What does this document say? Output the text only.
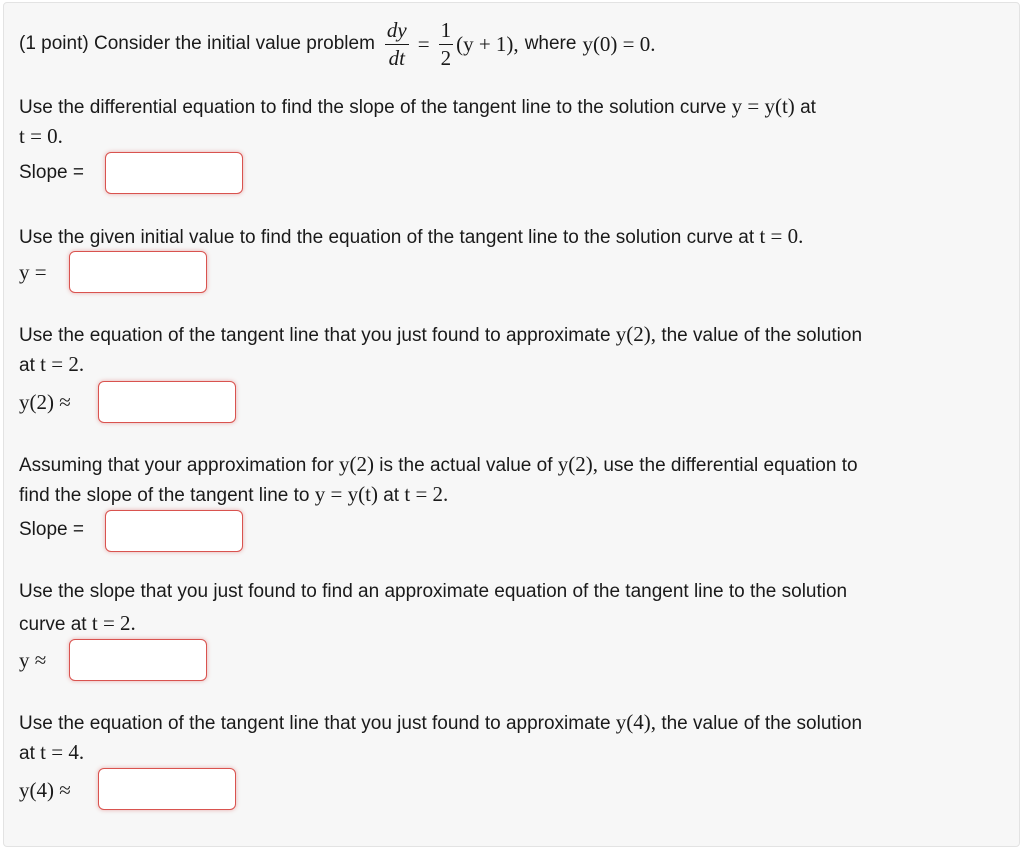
(1 point) Consider the initial value problem $\frac{dy}{dt} = \frac{1}{2} (y + 1)$, where y(0) = 0.
Use the differential equation to find the slope of the tangent line to the solution curve y = y(t) at
t = 0.
Slope =
Use the given initial value to find the equation of the tangent line to the solution curve at t = 0.
y =
Use the equation of the tangent line that you just found to approximate y(2), the value of the solution
at t = 2.
y(2) ≈
Assuming that your approximation for y(2) is the actual value of y(2), use the differential equation to
find the slope of the tangent line to y = y(t) at t = 2.
Slope =
Use the slope that you just found to find an approximate equation of the tangent line to the solution
curve at t = 2.
y ≈
Use the equation of the tangent line that you just found to approximate y(4), the value of the solution
at t = 4.
y(4) ≈
